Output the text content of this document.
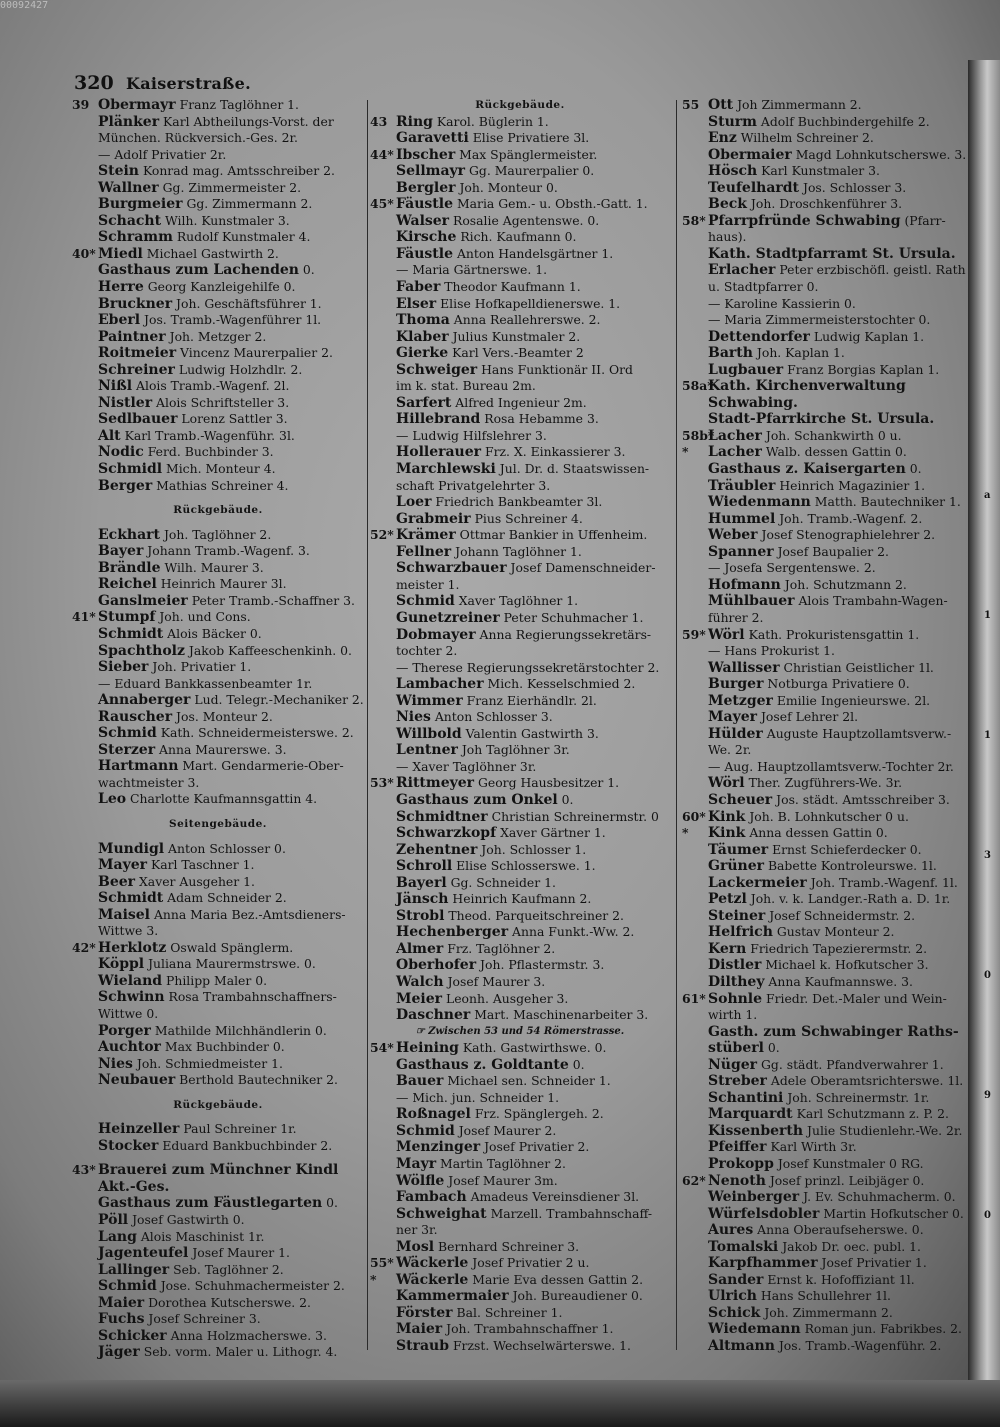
00092427
320 Kaiserstraße.
39 Obermayr Franz Taglöhner 1.
Plänker Karl Abtheilungs-Vorst. der
München. Rückversich.-Ges. 2r.
— Adolf Privatier 2r.
Stein Konrad mag. Amtsschreiber 2.
Wallner Gg. Zimmermeister 2.
Burgmeier Gg. Zimmermann 2.
Schacht Wilh. Kunstmaler 3.
Schramm Rudolf Kunstmaler 4.
40* Miedl Michael Gastwirth 2.
Gasthaus zum Lachenden 0.
Herre Georg Kanzleigehilfe 0.
Bruckner Joh. Geschäftsführer 1.
Eberl Jos. Tramb.-Wagenführer 1l.
Paintner Joh. Metzger 2.
Roitmeier Vincenz Maurerpalier 2.
Schreiner Ludwig Holzhdlr. 2.
Nißl Alois Tramb.-Wagenf. 2l.
Nistler Alois Schriftsteller 3.
Sedlbauer Lorenz Sattler 3.
Alt Karl Tramb.-Wagenführ. 3l.
Nodic Ferd. Buchbinder 3.
Schmidl Mich. Monteur 4.
Berger Mathias Schreiner 4.
Rückgebäude.
Eckhart Joh. Taglöhner 2.
Bayer Johann Tramb.-Wagenf. 3.
Brändle Wilh. Maurer 3.
Reichel Heinrich Maurer 3l.
Ganslmeier Peter Tramb.-Schaffner 3.
41* Stumpf Joh. und Cons.
Schmidt Alois Bäcker 0.
Spachtholz Jakob Kaffeeschenkinh. 0.
Sieber Joh. Privatier 1.
— Eduard Bankkassenbeamter 1r.
Annaberger Lud. Telegr.-Mechaniker 2.
Rauscher Jos. Monteur 2.
Schmid Kath. Schneidermeisterswe. 2.
Sterzer Anna Maurerswe. 3.
Hartmann Mart. Gendarmerie-Ober-
wachtmeister 3.
Leo Charlotte Kaufmannsgattin 4.
Seitengebäude.
Mundigl Anton Schlosser 0.
Mayer Karl Taschner 1.
Beer Xaver Ausgeher 1.
Schmidt Adam Schneider 2.
Maisel Anna Maria Bez.-Amtsdieners-
Wittwe 3.
42* Herklotz Oswald Spänglerm.
Köppl Juliana Maurermstrswe. 0.
Wieland Philipp Maler 0.
Schwinn Rosa Trambahnschaffners-
Wittwe 0.
Porger Mathilde Milchhändlerin 0.
Auchtor Max Buchbinder 0.
Nies Joh. Schmiedmeister 1.
Neubauer Berthold Bautechniker 2.
Rückgebäude.
Heinzeller Paul Schreiner 1r.
Stocker Eduard Bankbuchbinder 2.
43* Brauerei zum Münchner Kindl
Akt.-Ges.
Gasthaus zum Fäustlegarten 0.
Pöll Josef Gastwirth 0.
Lang Alois Maschinist 1r.
Jagenteufel Josef Maurer 1.
Lallinger Seb. Taglöhner 2.
Schmid Jose. Schuhmachermeister 2.
Maier Dorothea Kutscherswe. 2.
Fuchs Josef Schreiner 3.
Schicker Anna Holzmacherswe. 3.
Jäger Seb. vorm. Maler u. Lithogr. 4.
Rückgebäude.
43 Ring Karol. Büglerin 1.
Garavetti Elise Privatiere 3l.
44* Ibscher Max Spänglermeister.
Sellmayr Gg. Maurerpalier 0.
Bergler Joh. Monteur 0.
45* Fäustle Maria Gem.- u. Obsth.-Gatt. 1.
Walser Rosalie Agentenswe. 0.
Kirsche Rich. Kaufmann 0.
Fäustle Anton Handelsgärtner 1.
— Maria Gärtnerswe. 1.
Faber Theodor Kaufmann 1.
Elser Elise Hofkapelldienerswe. 1.
Thoma Anna Reallehrerswe. 2.
Klaber Julius Kunstmaler 2.
Gierke Karl Vers.-Beamter 2
Schweiger Hans Funktionär II. Ord
im k. stat. Bureau 2m.
Sarfert Alfred Ingenieur 2m.
Hillebrand Rosa Hebamme 3.
— Ludwig Hilfslehrer 3.
Hollerauer Frz. X. Einkassierer 3.
Marchlewski Jul. Dr. d. Staatswissen-
schaft Privatgelehrter 3.
Loer Friedrich Bankbeamter 3l.
Grabmeir Pius Schreiner 4.
52* Krämer Ottmar Bankier in Uffenheim.
Fellner Johann Taglöhner 1.
Schwarzbauer Josef Damenschneider-
meister 1.
Schmid Xaver Taglöhner 1.
Gunetzreiner Peter Schuhmacher 1.
Dobmayer Anna Regierungssekretärs-
tochter 2.
— Therese Regierungssekretärstochter 2.
Lambacher Mich. Kesselschmied 2.
Wimmer Franz Eierhändlr. 2l.
Nies Anton Schlosser 3.
Willbold Valentin Gastwirth 3.
Lentner Joh Taglöhner 3r.
— Xaver Taglöhner 3r.
53* Rittmeyer Georg Hausbesitzer 1.
Gasthaus zum Onkel 0.
Schmidtner Christian Schreinermstr. 0
Schwarzkopf Xaver Gärtner 1.
Zehentner Joh. Schlosser 1.
Schroll Elise Schlosserswe. 1.
Bayerl Gg. Schneider 1.
Jänsch Heinrich Kaufmann 2.
Strobl Theod. Parqueitschreiner 2.
Hechenberger Anna Funkt.-Ww. 2.
Almer Frz. Taglöhner 2.
Oberhofer Joh. Pflastermstr. 3.
Walch Josef Maurer 3.
Meier Leonh. Ausgeher 3.
Daschner Mart. Maschinenarbeiter 3.
☞ Zwischen 53 und 54 Römerstrasse.
54* Heining Kath. Gastwirthswe. 0.
Gasthaus z. Goldtante 0.
Bauer Michael sen. Schneider 1.
— Mich. jun. Schneider 1.
Roßnagel Frz. Spänglergeh. 2.
Schmid Josef Maurer 2.
Menzinger Josef Privatier 2.
Mayr Martin Taglöhner 2.
Wölfle Josef Maurer 3m.
Fambach Amadeus Vereinsdiener 3l.
Schweighat Marzell. Trambahnschaff-
ner 3r.
Mosl Bernhard Schreiner 3.
55* Wäckerle Josef Privatier 2 u.
* Wäckerle Marie Eva dessen Gattin 2.
Kammermaier Joh. Bureaudiener 0.
Förster Bal. Schreiner 1.
Maier Joh. Trambahnschaffner 1.
Straub Frzst. Wechselwärterswe. 1.
55 Ott Joh Zimmermann 2.
Sturm Adolf Buchbindergehilfe 2.
Enz Wilhelm Schreiner 2.
Obermaier Magd Lohnkutscherswe. 3.
Hösch Karl Kunstmaler 3.
Teufelhardt Jos. Schlosser 3.
Beck Joh. Droschkenführer 3.
58* Pfarrpfründe Schwabing (Pfarr-
haus).
Kath. Stadtpfarramt St. Ursula.
Erlacher Peter erzbischöfl. geistl. Rath
u. Stadtpfarrer 0.
— Karoline Kassierin 0.
— Maria Zimmermeisterstochter 0.
Dettendorfer Ludwig Kaplan 1.
Barth Joh. Kaplan 1.
Lugbauer Franz Borgias Kaplan 1.
58a*Kath. Kirchenverwaltung
Schwabing.
Stadt-Pfarrkirche St. Ursula.
58b*Lacher Joh. Schankwirth 0 u.
* Lacher Walb. dessen Gattin 0.
Gasthaus z. Kaisergarten 0.
Träubler Heinrich Magazinier 1.
Wiedenmann Matth. Bautechniker 1.
Hummel Joh. Tramb.-Wagenf. 2.
Weber Josef Stenographielehrer 2.
Spanner Josef Baupalier 2.
— Josefa Sergentenswe. 2.
Hofmann Joh. Schutzmann 2.
Mühlbauer Alois Trambahn-Wagen-
führer 2.
59* Wörl Kath. Prokuristensgattin 1.
— Hans Prokurist 1.
Wallisser Christian Geistlicher 1l.
Burger Notburga Privatiere 0.
Metzger Emilie Ingenieurswe. 2l.
Mayer Josef Lehrer 2l.
Hülder Auguste Hauptzollamtsverw.-
We. 2r.
— Aug. Hauptzollamtsverw.-Tochter 2r.
Wörl Ther. Zugführers-We. 3r.
Scheuer Jos. städt. Amtsschreiber 3.
60* Kink Joh. B. Lohnkutscher 0 u.
* Kink Anna dessen Gattin 0.
Täumer Ernst Schieferdecker 0.
Grüner Babette Kontroleurswe. 1l.
Lackermeier Joh. Tramb.-Wagenf. 1l.
Petzl Joh. v. k. Landger.-Rath a. D. 1r.
Steiner Josef Schneidermstr. 2.
Helfrich Gustav Monteur 2.
Kern Friedrich Tapezierermstr. 2.
Distler Michael k. Hofkutscher 3.
Dilthey Anna Kaufmannswe. 3.
61* Sohnle Friedr. Det.-Maler und Wein-
wirth 1.
Gasth. zum Schwabinger Raths-
stüberl 0.
Nüger Gg. städt. Pfandverwahrer 1.
Streber Adele Oberamtsrichterswe. 1l.
Schantini Joh. Schreinermstr. 1r.
Marquardt Karl Schutzmann z. P. 2.
Kissenberth Julie Studienlehr.-We. 2r.
Pfeiffer Karl Wirth 3r.
Prokopp Josef Kunstmaler 0 RG.
62* Nenoth Josef prinzl. Leibjäger 0.
Weinberger J. Ev. Schuhmacherm. 0.
Würfelsdobler Martin Hofkutscher 0.
Aures Anna Oberaufseherswe. 0.
Tomalski Jakob Dr. oec. publ. 1.
Karpfhammer Josef Privatier 1.
Sander Ernst k. Hofoffiziant 1l.
Ulrich Hans Schullehrer 1l.
Schick Joh. Zimmermann 2.
Wiedemann Roman jun. Fabrikbes. 2.
Altmann Jos. Tramb.-Wagenführ. 2.
a
1
1
3
0
9
0
